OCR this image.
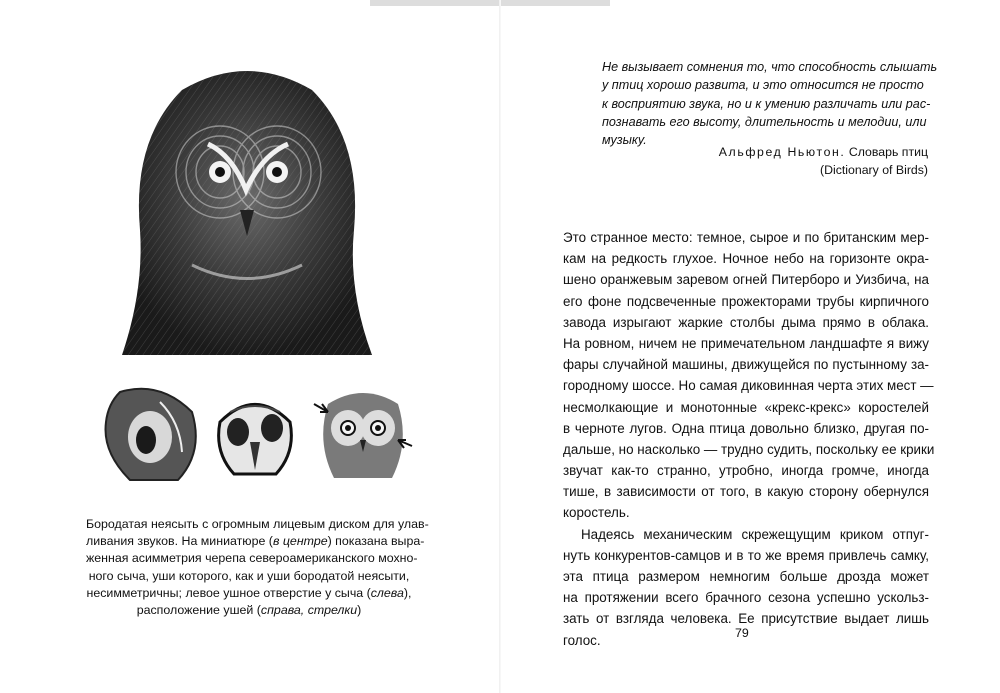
Бородатая неясыть с огромным лицевым диском для улав-
ливания звуков. На миниатюре (в центре) показана выра-
женная асимметрия черепа североамериканского мохно-
ного сыча, уши которого, как и уши бородатой неясыти,
несимметричны; левое ушное отверстие у сыча (слева),
расположение ушей (справа, стрелки)
Не вызывает сомнения то, что способность слышать
у птиц хорошо развита, и это относится не просто
к восприятию звука, но и к умению различать или рас-
познавать его высоту, длительность и мелодии, или
музыку.
Альфред Ньютон. Словарь птиц
(Dictionary of Birds)
Это странное место: темное, сырое и по британским мер-
кам на редкость глухое. Ночное небо на горизонте окра-
шено оранжевым заревом огней Питерборо и Уизбича, на
его фоне подсвеченные прожекторами трубы кирпичного
завода изрыгают жаркие столбы дыма прямо в облака.
На ровном, ничем не примечательном ландшафте я вижу
фары случайной машины, движущейся по пустынному за-
городному шоссе. Но самая диковинная черта этих мест —
несмолкающие и монотонные «крекс-крекс» коростелей
в черноте лугов. Одна птица довольно близко, другая по-
дальше, но насколько — трудно судить, поскольку ее крики
звучат как-то странно, утробно, иногда громче, иногда
тише, в зависимости от того, в какую сторону обернулся
коростель.
Надеясь механическим скрежещущим криком отпуг-
нуть конкурентов-самцов и в то же время привлечь самку,
эта птица размером немногим больше дрозда может
на протяжении всего брачного сезона успешно ускольз-
зать от взгляда человека. Ее присутствие выдает лишь
голос.	79
